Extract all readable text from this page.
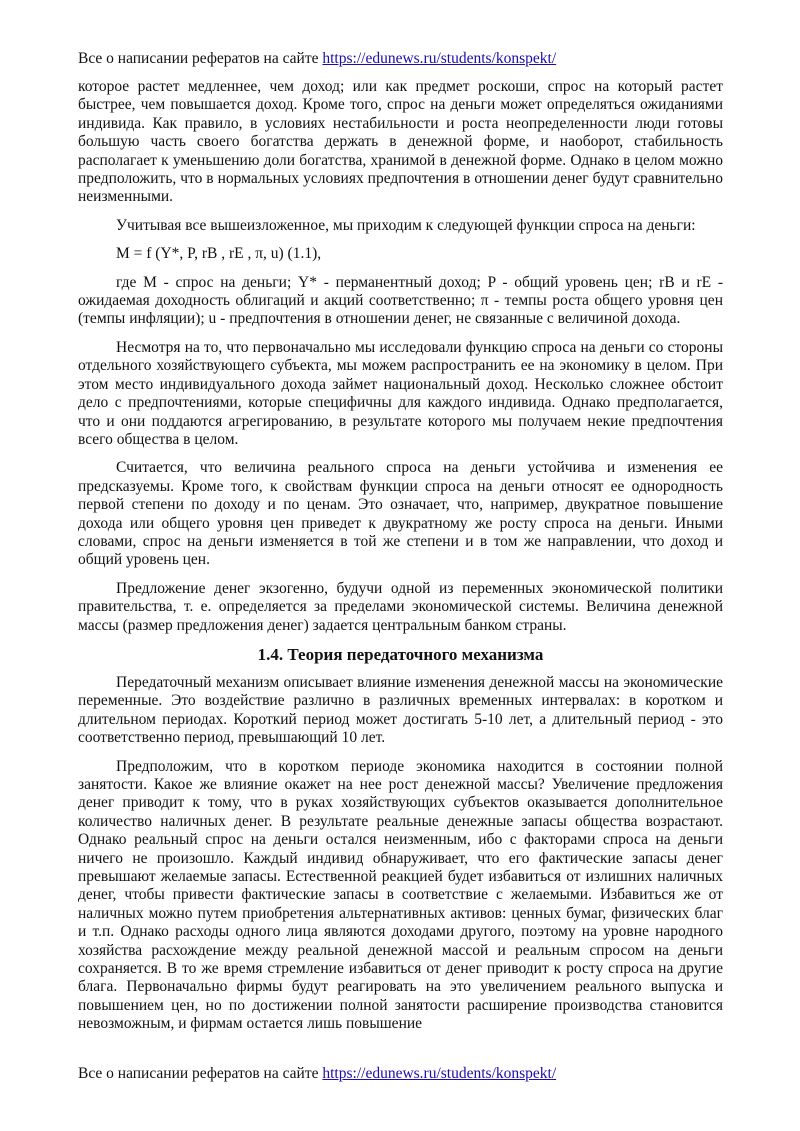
Все о написании рефератов на сайте https://edunews.ru/students/konspekt/

которое растет медленнее, чем доход; или как предмет роскоши, спрос на который растет быстрее, чем повышается доход. Кроме того, спрос на деньги может определяться ожиданиями индивида. Как правило, в условиях нестабильности и роста неопределенности люди готовы большую часть своего богатства держать в денежной форме, и наоборот, стабильность располагает к уменьшению доли богатства, хранимой в денежной форме. Однако в целом можно предположить, что в нормальных условиях предпочтения в отношении денег будут сравнительно неизменными.

Учитывая все вышеизложенное, мы приходим к следующей функции спроса на деньги:

M = f (Y*, P, rB , rE , π, u) (1.1),

где M - спрос на деньги; Y* - перманентный доход; P - общий уровень цен; rB и rE - ожидаемая доходность облигаций и акций соответственно; π - темпы роста общего уровня цен (темпы инфляции); u - предпочтения в отношении денег, не связанные с величиной дохода.

Несмотря на то, что первоначально мы исследовали функцию спроса на деньги со стороны отдельного хозяйствующего субъекта, мы можем распространить ее на экономику в целом. При этом место индивидуального дохода займет национальный доход. Несколько сложнее обстоит дело с предпочтениями, которые специфичны для каждого индивида. Однако предполагается, что и они поддаются агрегированию, в результате которого мы получаем некие предпочтения всего общества в целом.

Считается, что величина реального спроса на деньги устойчива и изменения ее предсказуемы. Кроме того, к свойствам функции спроса на деньги относят ее однородность первой степени по доходу и по ценам. Это означает, что, например, двукратное повышение дохода или общего уровня цен приведет к двукратному же росту спроса на деньги. Иными словами, спрос на деньги изменяется в той же степени и в том же направлении, что доход и общий уровень цен.

Предложение денег экзогенно, будучи одной из переменных экономической политики правительства, т. е. определяется за пределами экономической системы. Величина денежной массы (размер предложения денег) задается центральным банком страны.

1.4. Теория передаточного механизма

Передаточный механизм описывает влияние изменения денежной массы на экономические переменные. Это воздействие различно в различных временных интервалах: в коротком и длительном периодах. Короткий период может достигать 5-10 лет, а длительный период - это соответственно период, превышающий 10 лет.

Предположим, что в коротком периоде экономика находится в состоянии полной занятости. Какое же влияние окажет на нее рост денежной массы? Увеличение предложения денег приводит к тому, что в руках хозяйствующих субъектов оказывается дополнительное количество наличных денег. В результате реальные денежные запасы общества возрастают. Однако реальный спрос на деньги остался неизменным, ибо с факторами спроса на деньги ничего не произошло. Каждый индивид обнаруживает, что его фактические запасы денег превышают желаемые запасы. Естественной реакцией будет избавиться от излишних наличных денег, чтобы привести фактические запасы в соответствие с желаемыми. Избавиться же от наличных можно путем приобретения альтернативных активов: ценных бумаг, физических благ и т.п. Однако расходы одного лица являются доходами другого, поэтому на уровне народного хозяйства расхождение между реальной денежной массой и реальным спросом на деньги сохраняется. В то же время стремление избавиться от денег приводит к росту спроса на другие блага. Первоначально фирмы будут реагировать на это увеличением реального выпуска и повышением цен, но по достижении полной занятости расширение производства становится невозможным, и фирмам остается лишь повышение

Все о написании рефератов на сайте https://edunews.ru/students/konspekt/
